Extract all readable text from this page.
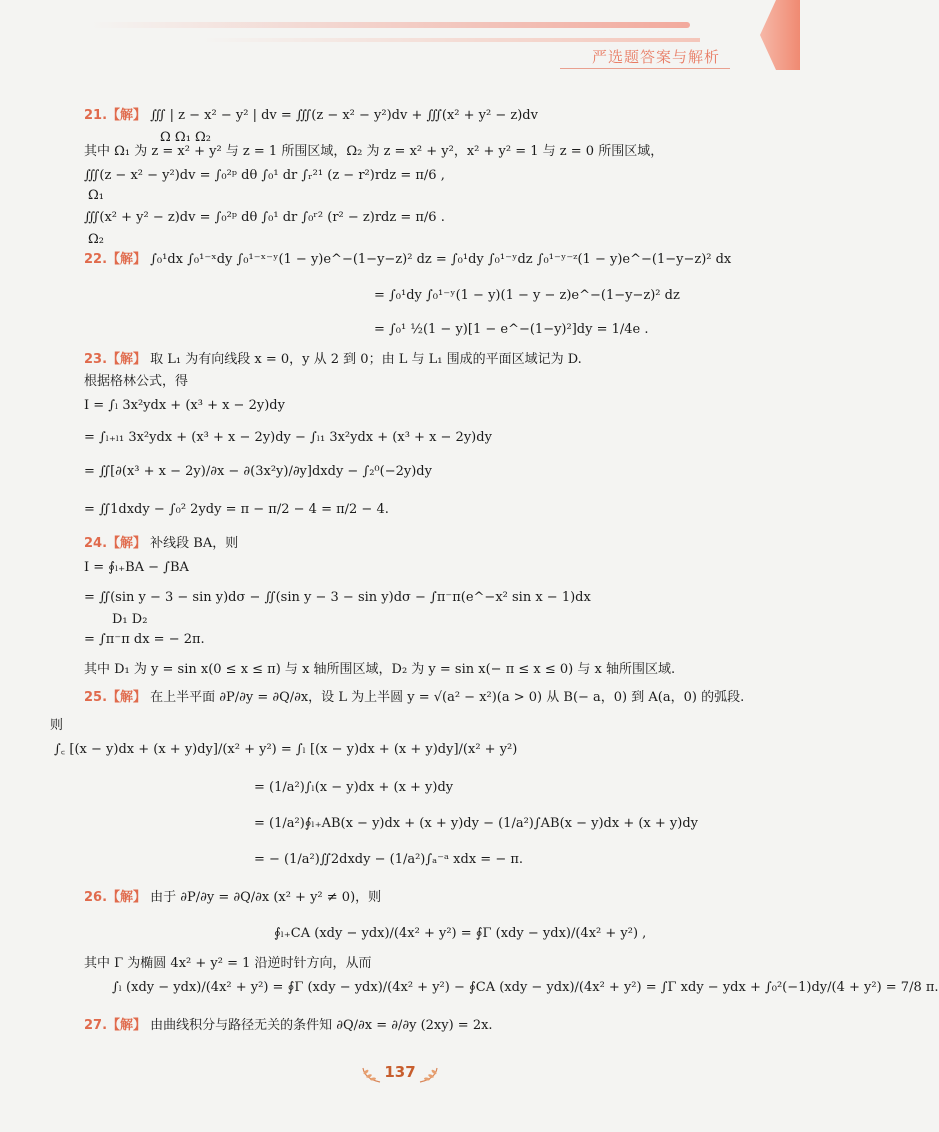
严选题答案与解析
21.【解】 ∭ | z − x² − y² | dv = ∭(z − x² − y²)dv + ∭(x² + y² − z)dv
Ω Ω₁ Ω₂
其中 Ω₁ 为 z = x² + y² 与 z = 1 所围区域，Ω₂ 为 z = x² + y²，x² + y² = 1 与 z = 0 所围区域，
∭(z − x² − y²)dv = ∫₀²ᵖ dθ ∫₀¹ dr ∫ᵣ²¹ (z − r²)rdz = π/6 ,
Ω₁
∭(x² + y² − z)dv = ∫₀²ᵖ dθ ∫₀¹ dr ∫₀ʳ² (r² − z)rdz = π/6 .
Ω₂
22.【解】 ∫₀¹dx ∫₀¹⁻ˣdy ∫₀¹⁻ˣ⁻ʸ(1 − y)e^−(1−y−z)² dz = ∫₀¹dy ∫₀¹⁻ʸdz ∫₀¹⁻ʸ⁻ᶻ(1 − y)e^−(1−y−z)² dx
= ∫₀¹dy ∫₀¹⁻ʸ(1 − y)(1 − y − z)e^−(1−y−z)² dz
= ∫₀¹ ½(1 − y)[1 − e^−(1−y)²]dy = 1/4e .
23.【解】 取 L₁ 为有向线段 x = 0，y 从 2 到 0；由 L 与 L₁ 围成的平面区域记为 D.
根据格林公式，得
I = ∫ₗ 3x²ydx + (x³ + x − 2y)dy
= ∫ₗ₊ₗ₁ 3x²ydx + (x³ + x − 2y)dy − ∫ₗ₁ 3x²ydx + (x³ + x − 2y)dy
= ∬[∂(x³ + x − 2y)/∂x − ∂(3x²y)/∂y]dxdy − ∫₂⁰(−2y)dy
= ∬1dxdy − ∫₀² 2ydy = π − π/2 − 4 = π/2 − 4.
24.【解】 补线段 BA，则
I = ∮ₗ₊BA − ∫BA
= ∬(sin y − 3 − sin y)dσ − ∬(sin y − 3 − sin y)dσ − ∫π⁻π(e^−x² sin x − 1)dx
D₁ D₂
= ∫π⁻π dx = − 2π.
其中 D₁ 为 y = sin x(0 ≤ x ≤ π) 与 x 轴所围区域，D₂ 为 y = sin x(− π ≤ x ≤ 0) 与 x 轴所围区域.
25.【解】 在上半平面 ∂P/∂y = ∂Q/∂x，设 L 为上半圆 y = √(a² − x²)(a > 0) 从 B(− a，0) 到 A(a，0) 的弧段.
则
∫꜀ [(x − y)dx + (x + y)dy]/(x² + y²) = ∫ₗ [(x − y)dx + (x + y)dy]/(x² + y²)
= (1/a²)∫ₗ(x − y)dx + (x + y)dy
= (1/a²)∮ₗ₊AB(x − y)dx + (x + y)dy − (1/a²)∫AB(x − y)dx + (x + y)dy
= − (1/a²)∬2dxdy − (1/a²)∫ₐ⁻ᵃ xdx = − π.
26.【解】 由于 ∂P/∂y = ∂Q/∂x (x² + y² ≠ 0)，则
∮ₗ₊CA (xdy − ydx)/(4x² + y²) = ∮Γ (xdy − ydx)/(4x² + y²) ,
其中 Γ 为椭圆 4x² + y² = 1 沿逆时针方向，从而
∫ₗ (xdy − ydx)/(4x² + y²) = ∮Γ (xdy − ydx)/(4x² + y²) − ∮CA (xdy − ydx)/(4x² + y²) = ∫Γ xdy − ydx + ∫₀²(−1)dy/(4 + y²) = 7/8 π.
27.【解】 由曲线积分与路径无关的条件知 ∂Q/∂x = ∂/∂y (2xy) = 2x.
137
